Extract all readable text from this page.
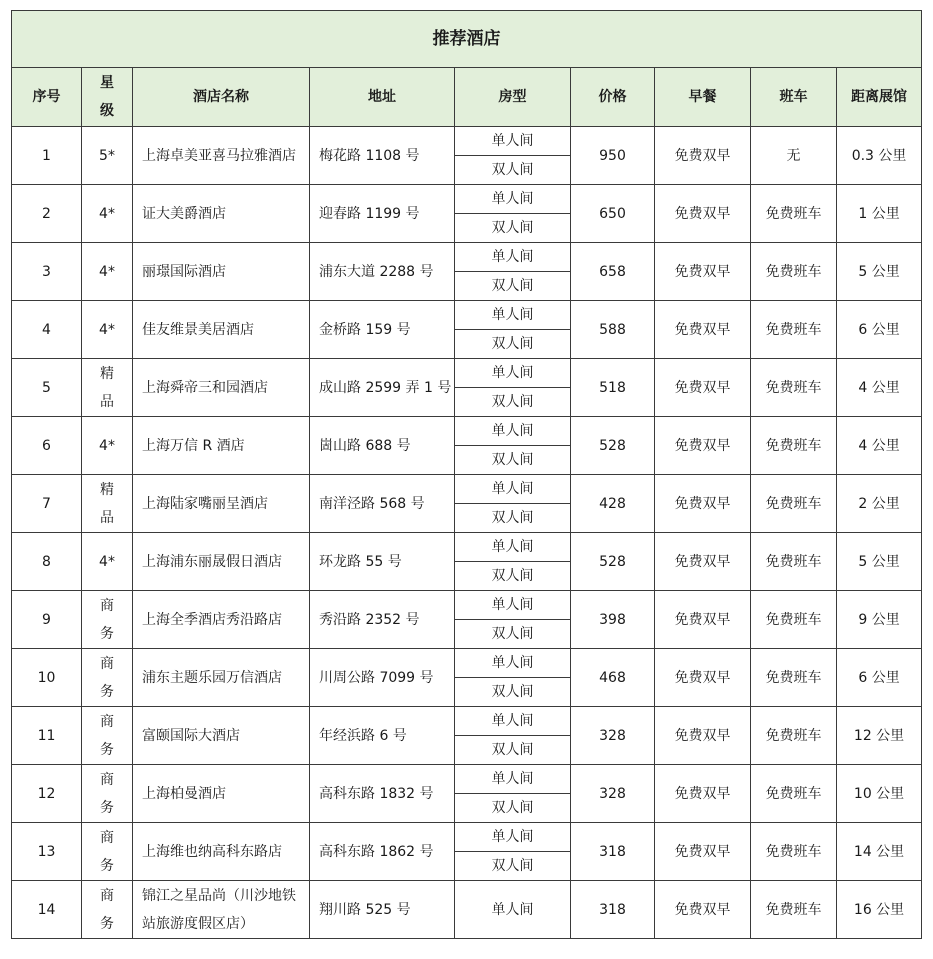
推荐酒店								
序号	星级	酒店名称	地址	房型	价格	早餐	班车	距离展馆
1	5*	上海卓美亚喜马拉雅酒店	梅花路 1108 号	单人间	950	免费双早	无	0.3 公里
				双人间				
2	4*	证大美爵酒店	迎春路 1199 号	单人间	650	免费双早	免费班车	1 公里
				双人间				
3	4*	丽璟国际酒店	浦东大道 2288 号	单人间	658	免费双早	免费班车	5 公里
				双人间				
4	4*	佳友维景美居酒店	金桥路 159 号	单人间	588	免费双早	免费班车	6 公里
				双人间				
5	精品	上海舜帝三和园酒店	成山路 2599 弄 1 号	单人间	518	免费双早	免费班车	4 公里
				双人间				
6	4*	上海万信 R 酒店	崮山路 688 号	单人间	528	免费双早	免费班车	4 公里
				双人间				
7	精品	上海陆家嘴丽呈酒店	南洋泾路 568 号	单人间	428	免费双早	免费班车	2 公里
				双人间				
8	4*	上海浦东丽晟假日酒店	环龙路 55 号	单人间	528	免费双早	免费班车	5 公里
				双人间				
9	商务	上海全季酒店秀沿路店	秀沿路 2352 号	单人间	398	免费双早	免费班车	9 公里
				双人间				
10	商务	浦东主题乐园万信酒店	川周公路 7099 号	单人间	468	免费双早	免费班车	6 公里
				双人间				
11	商务	富颐国际大酒店	年经浜路 6 号	单人间	328	免费双早	免费班车	12 公里
				双人间				
12	商务	上海柏曼酒店	高科东路 1832 号	单人间	328	免费双早	免费班车	10 公里
				双人间				
13	商务	上海维也纳高科东路店	高科东路 1862 号	单人间	318	免费双早	免费班车	14 公里
				双人间				
14	商务	锦江之星品尚（川沙地铁站旅游度假区店）	翔川路 525 号	单人间	318	免费双早	免费班车	16 公里
